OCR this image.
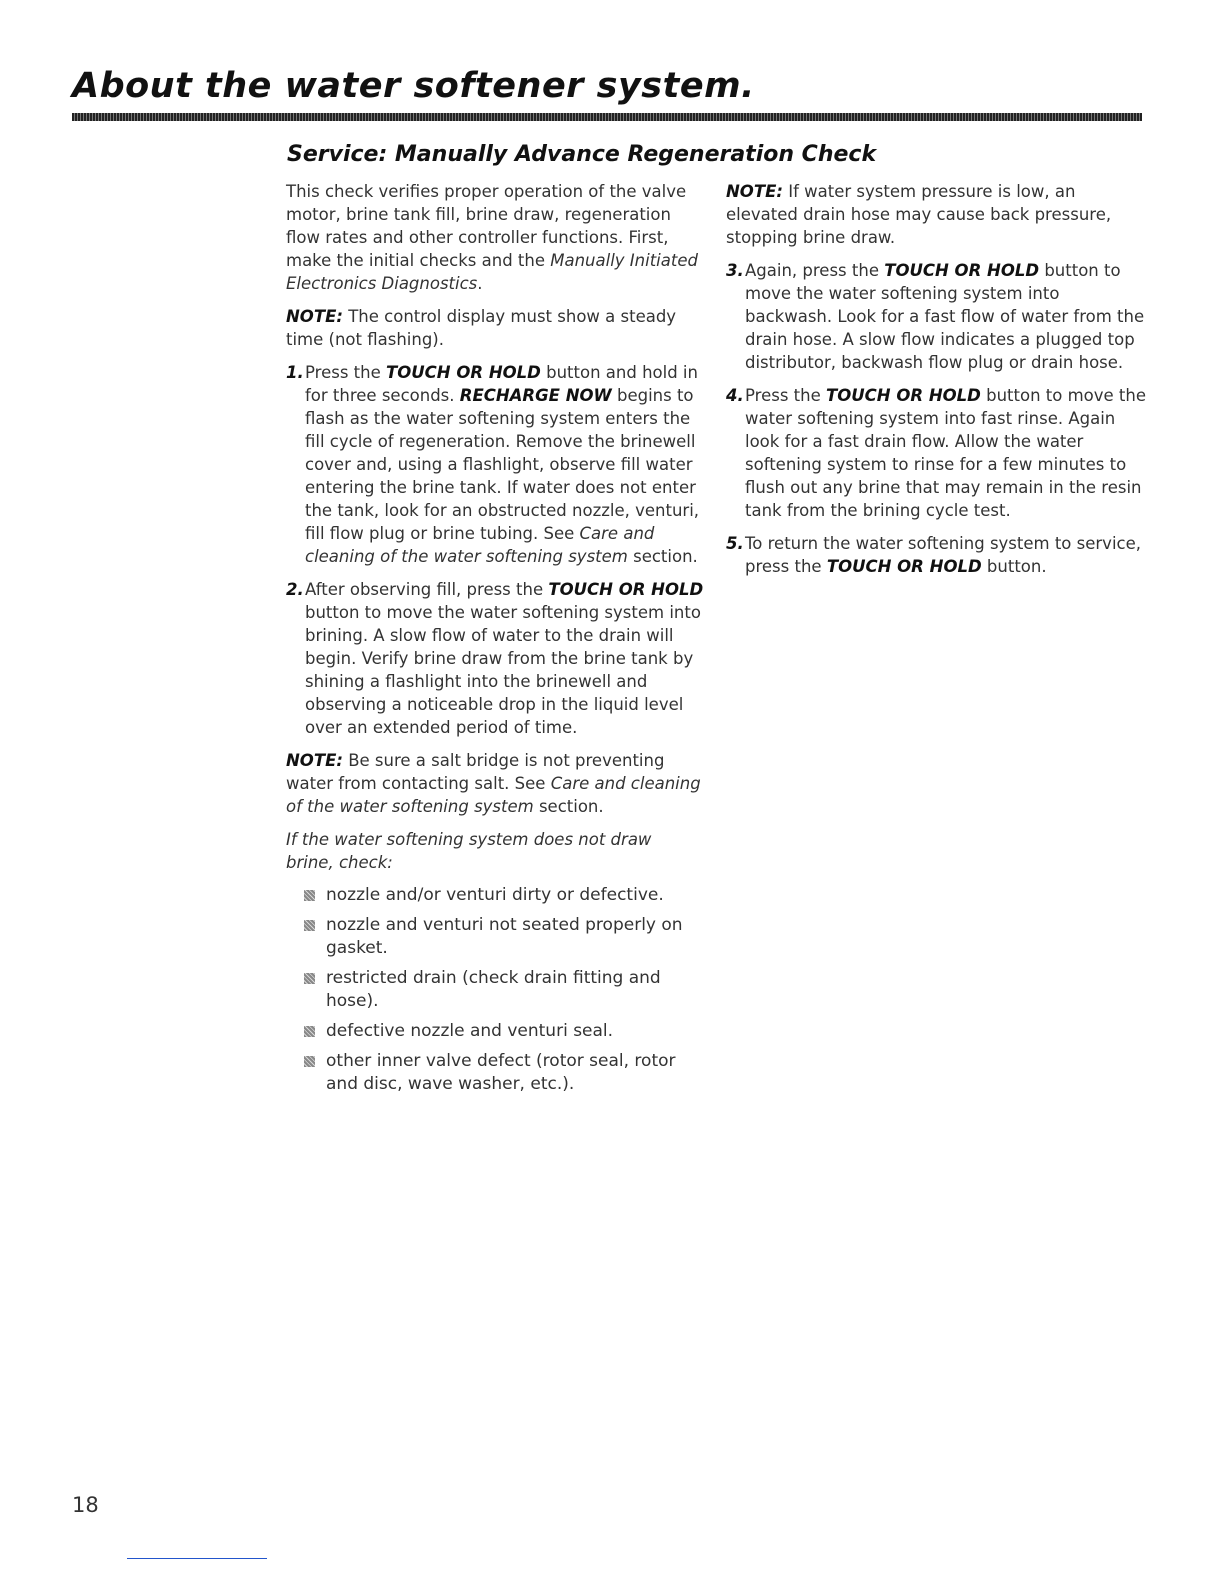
About the water softener system.
Service: Manually Advance Regeneration Check

This check verifies proper operation of the valve motor, brine tank fill, brine draw, regeneration flow rates and other controller functions. First, make the initial checks and the Manually Initiated Electronics Diagnostics.

NOTE: The control display must show a steady time (not flashing).

1. Press the TOUCH OR HOLD button and hold in for three seconds. RECHARGE NOW begins to flash as the water softening system enters the fill cycle of regeneration. Remove the brinewell cover and, using a flashlight, observe fill water entering the brine tank. If water does not enter the tank, look for an obstructed nozzle, venturi, fill flow plug or brine tubing. See Care and cleaning of the water softening system section.
2. After observing fill, press the TOUCH OR HOLD button to move the water softening system into brining. A slow flow of water to the drain will begin. Verify brine draw from the brine tank by shining a flashlight into the brinewell and observing a noticeable drop in the liquid level over an extended period of time.

NOTE: Be sure a salt bridge is not preventing water from contacting salt. See Care and cleaning of the water softening system section.

If the water softening system does not draw brine, check:

nozzle and/or venturi dirty or defective.
nozzle and venturi not seated properly on gasket.
restricted drain (check drain fitting and hose).
defective nozzle and venturi seal.
other inner valve defect (rotor seal, rotor and disc, wave washer, etc.).

NOTE: If water system pressure is low, an elevated drain hose may cause back pressure, stopping brine draw.

3. Again, press the TOUCH OR HOLD button to move the water softening system into backwash. Look for a fast flow of water from the drain hose. A slow flow indicates a plugged top distributor, backwash flow plug or drain hose.
4. Press the TOUCH OR HOLD button to move the water softening system into fast rinse. Again look for a fast drain flow. Allow the water softening system to rinse for a few minutes to flush out any brine that may remain in the resin tank from the brining cycle test.
5. To return the water softening system to service, press the TOUCH OR HOLD button.
18
